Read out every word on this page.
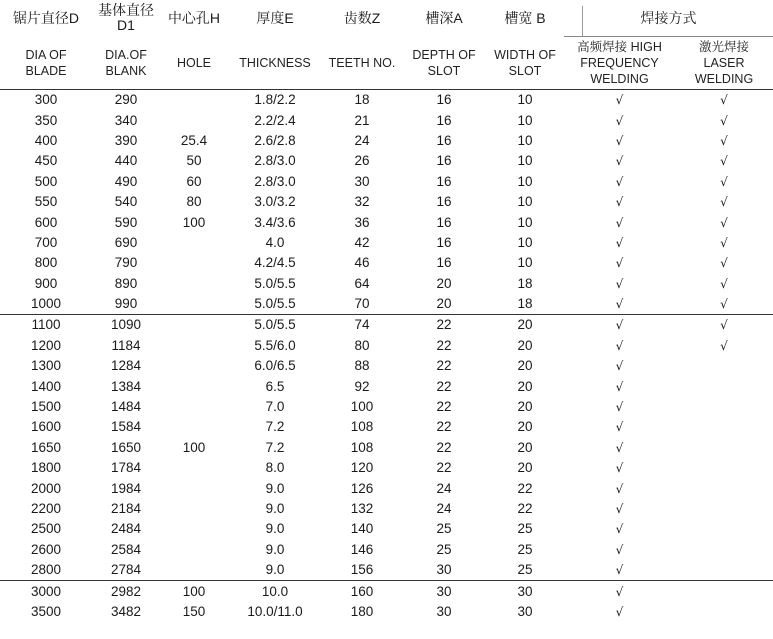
锯片直径D	基体直径D1	中心孔H	厚度E	齿数Z	槽深A	槽宽 B	焊接方式	

DIA OF BLADE	DIA.OF BLANK	HOLE	THICKNESS	TEETH NO.	DEPTH OF SLOT	WIDTH OF SLOT	高频焊接 HIGH FREQUENCY WELDING	激光焊接 LASER WELDING

300	290		1.8/2.2	18	16	10	√	√
350	340		2.2/2.4	21	16	10	√	√
400	390	25.4	2.6/2.8	24	16	10	√	√
450	440	50	2.8/3.0	26	16	10	√	√
500	490	60	2.8/3.0	30	16	10	√	√
550	540	80	3.0/3.2	32	16	10	√	√
600	590	100	3.4/3.6	36	16	10	√	√
700	690		4.0	42	16	10	√	√
800	790		4.2/4.5	46	16	10	√	√
900	890		5.0/5.5	64	20	18	√	√
1000	990		5.0/5.5	70	20	18	√	√
1100	1090		5.0/5.5	74	22	20	√	√
1200	1184		5.5/6.0	80	22	20	√	√
1300	1284		6.0/6.5	88	22	20	√	
1400	1384		6.5	92	22	20	√	
1500	1484		7.0	100	22	20	√	
1600	1584		7.2	108	22	20	√	
1650	1650	100	7.2	108	22	20	√	
1800	1784		8.0	120	22	20	√	
2000	1984		9.0	126	24	22	√	
2200	2184		9.0	132	24	22	√	
2500	2484		9.0	140	25	25	√	
2600	2584		9.0	146	25	25	√	
2800	2784		9.0	156	30	25	√	
3000	2982	100	10.0	160	30	30	√	
3500	3482	150	10.0/11.0	180	30	30	√	
